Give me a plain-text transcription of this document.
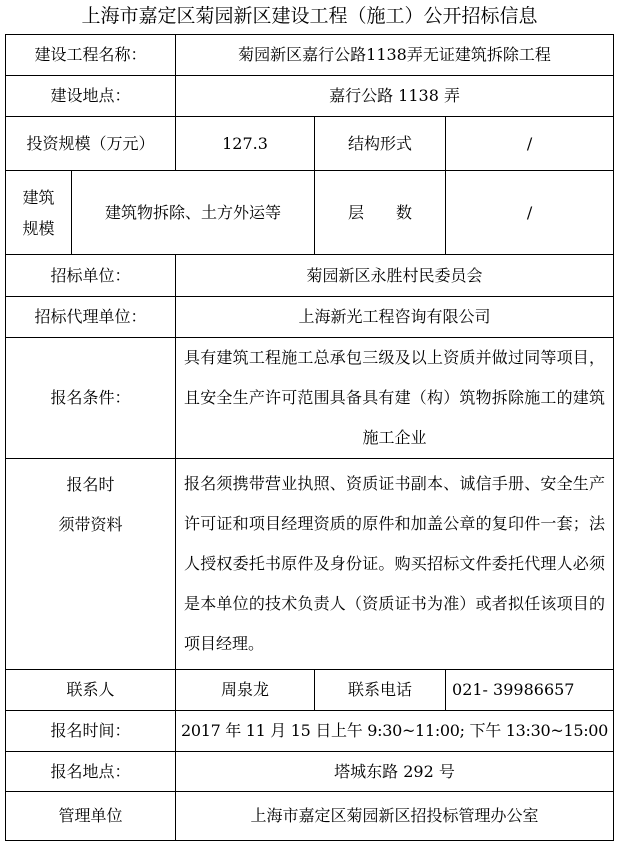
上海市嘉定区菊园新区建设工程（施工）公开招标信息
建设工程名称：		菊园新区嘉行公路1138弄无证建筑拆除工程		
建设地点：		嘉行公路 1138 弄		
投资规模（万元）		127.3	结构形式	/

建筑
规模	建筑物拆除、土方外运等		层　　数	/
招标单位：		菊园新区永胜村民委员会		
招标代理单位：		上海新光工程咨询有限公司		
报名条件：		具有建筑工程施工总承包三级及以上资质并做过同等项目，且安全生产许可范围具备具有建（构）筑物拆除施工的建筑施工企业		

报名时
须带资料		报名须携带营业执照、资质证书副本、诚信手册、安全生产许可证和项目经理资质的原件和加盖公章的复印件一套；法人授权委托书原件及身份证。购买招标文件委托代理人必须是本单位的技术负责人（资质证书为准）或者拟任该项目的项目经理。		
联系人		周泉龙	联系电话	021- 39986657
报名时间：		2017 年 11 月 15 日上午 9:30~11:00; 下午 13:30~15:00		
报名地点：		塔城东路 292 号		
管理单位		上海市嘉定区菊园新区招投标管理办公室		
